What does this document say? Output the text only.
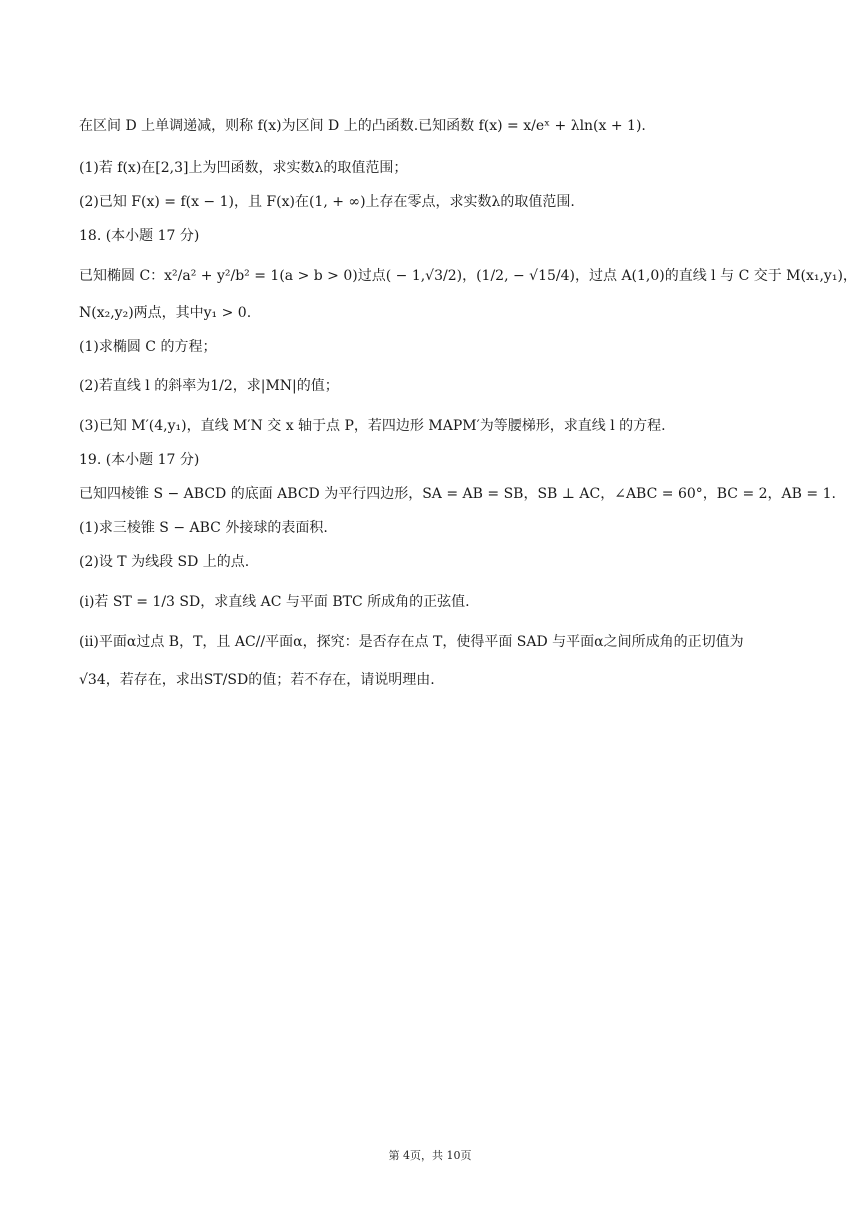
在区间 D 上单调递减，则称 f(x)为区间 D 上的凸函数.已知函数 f(x) = x/eˣ + λln(x + 1).
(1)若 f(x)在[2,3]上为凹函数，求实数λ的取值范围；
(2)已知 F(x) = f(x − 1)，且 F(x)在(1, + ∞)上存在零点，求实数λ的取值范围.
18. (本小题 17 分)
已知椭圆 C：x²/a² + y²/b² = 1(a > b > 0)过点( − 1,√3/2)，(1/2, − √15/4)，过点 A(1,0)的直线 l 与 C 交于 M(x₁,y₁)，
N(x₂,y₂)两点，其中y₁ > 0.
(1)求椭圆 C 的方程；
(2)若直线 l 的斜率为1/2，求|MN|的值；
(3)已知 M′(4,y₁)，直线 M′N 交 x 轴于点 P，若四边形 MAPM′为等腰梯形，求直线 l 的方程.
19. (本小题 17 分)
已知四棱锥 S − ABCD 的底面 ABCD 为平行四边形，SA = AB = SB，SB ⊥ AC，∠ABC = 60°，BC = 2，AB = 1.
(1)求三棱锥 S − ABC 外接球的表面积.
(2)设 T 为线段 SD 上的点.
(i)若 ST = 1/3 SD，求直线 AC 与平面 BTC 所成角的正弦值.
(ii)平面α过点 B，T，且 AC//平面α，探究：是否存在点 T，使得平面 SAD 与平面α之间所成角的正切值为
√34，若存在，求出ST/SD的值；若不存在，请说明理由.
第 4页，共 10页
